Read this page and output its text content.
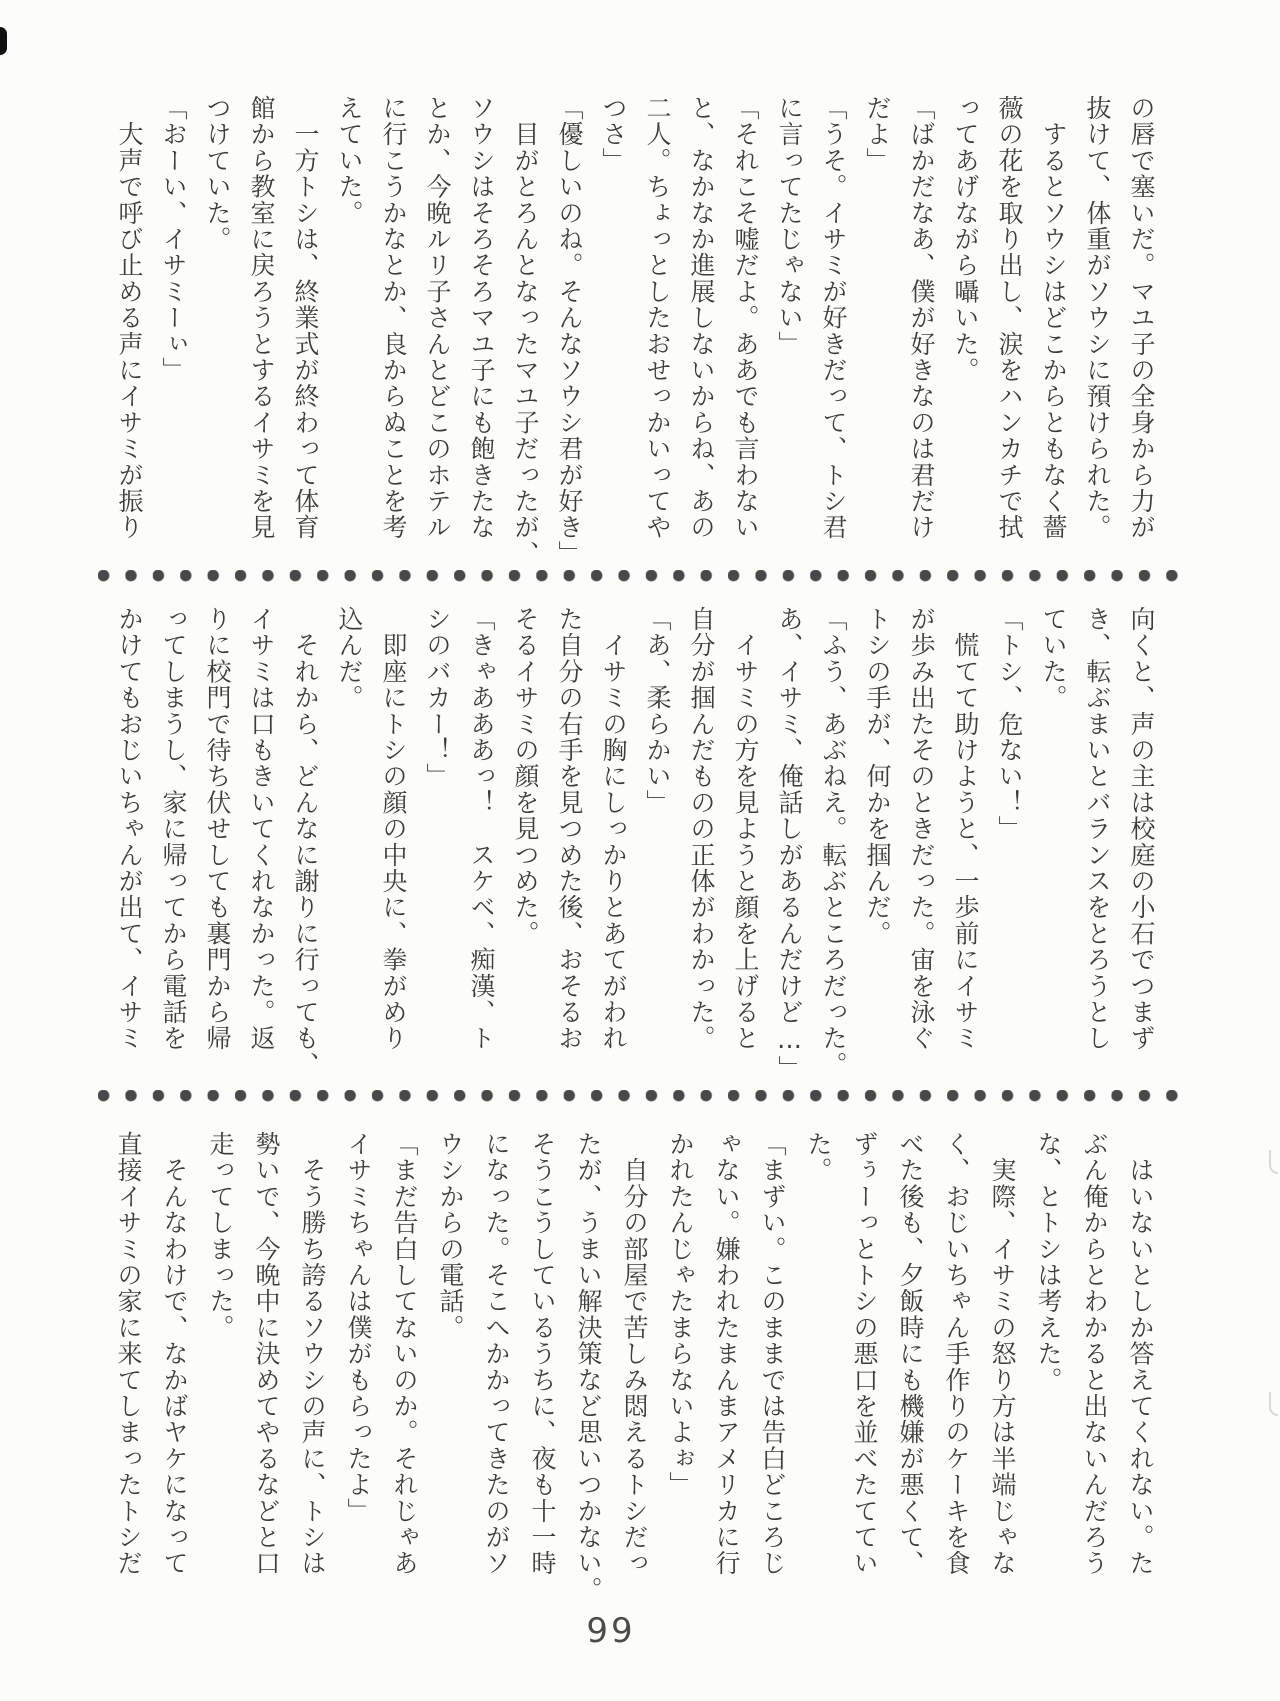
の唇で塞いだ。マユ子の全身から力が

抜けて、体重がソウシに預けられた。

　するとソウシはどこからともなく薔

薇の花を取り出し、涙をハンカチで拭

ってあげながら囁いた。

「ばかだなあ、僕が好きなのは君だけ

だよ」

「うそ。イサミが好きだって、トシ君

に言ってたじゃない」

「それこそ嘘だよ。ああでも言わない

と、なかなか進展しないからね、あの

二人。ちょっとしたおせっかいってや

つさ」

「優しいのね。そんなソウシ君が好き」

　目がとろんとなったマユ子だったが、

ソウシはそろそろマユ子にも飽きたな

とか、今晩ルリ子さんとどこのホテル

に行こうかなとか、良からぬことを考

えていた。

　一方トシは、終業式が終わって体育

館から教室に戻ろうとするイサミを見

つけていた。

「おーい、イサミーぃ」

　大声で呼び止める声にイサミが振り

向くと、声の主は校庭の小石でつまず

き、転ぶまいとバランスをとろうとし

ていた。

「トシ、危ない！」

　慌てて助けようと、一歩前にイサミ

が歩み出たそのときだった。宙を泳ぐ

トシの手が、何かを掴んだ。

「ふう、あぶねえ。転ぶところだった。

あ、イサミ、俺話しがあるんだけど…」

　イサミの方を見ようと顔を上げると

自分が掴んだものの正体がわかった。

「あ、柔らかい」

　イサミの胸にしっかりとあてがわれ

た自分の右手を見つめた後、おそるお

そるイサミの顔を見つめた。

「きゃあああっ！　スケベ、痴漢、ト

シのバカー！」

　即座にトシの顔の中央に、拳がめり

込んだ。

　それから、どんなに謝りに行っても、

イサミは口もきいてくれなかった。返

りに校門で待ち伏せしても裏門から帰

ってしまうし、家に帰ってから電話を

かけてもおじいちゃんが出て、イサミ

　はいないとしか答えてくれない。た

ぶん俺からとわかると出ないんだろう

な、とトシは考えた。

　実際、イサミの怒り方は半端じゃな

く、おじいちゃん手作りのケーキを食

べた後も、夕飯時にも機嫌が悪くて、

ずぅーっとトシの悪口を並べたててい

た。

「まずい。このままでは告白どころじ

ゃない。嫌われたまんまアメリカに行

かれたんじゃたまらないよぉ」

　自分の部屋で苦しみ悶えるトシだっ

たが、うまい解決策など思いつかない。

そうこうしているうちに、夜も十一時

になった。そこへかかってきたのがソ

ウシからの電話。

「まだ告白してないのか。それじゃあ

イサミちゃんは僕がもらったよ」

　そう勝ち誇るソウシの声に、トシは

勢いで、今晩中に決めてやるなどと口

走ってしまった。

　そんなわけで、なかばヤケになって

直接イサミの家に来てしまったトシだ

99
